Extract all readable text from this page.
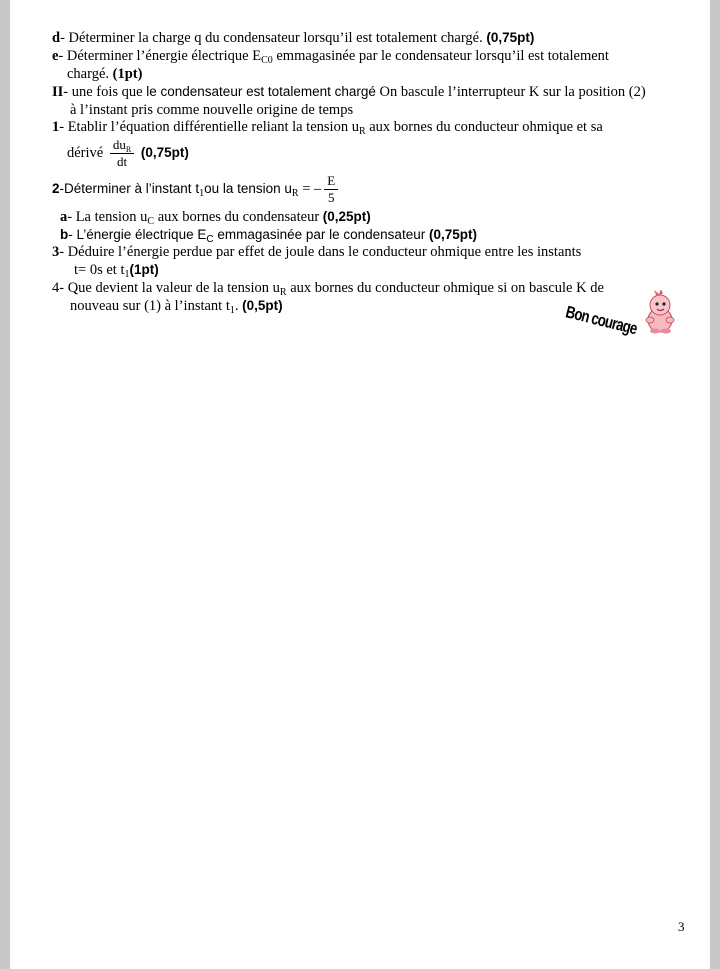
d- Déterminer la charge q du condensateur lorsqu’il est totalement chargé. (0,75pt)
e- Déterminer l’énergie électrique $E_{C0}$ emmagasinée par le condensateur lorsqu’il est totalement
chargé. (1pt)
II- une fois que le condensateur est totalement chargé On bascule l’interrupteur K sur la position (2)
à l’instant pris comme nouvelle origine de temps
1- Etablir l’équation différentielle reliant la tension $u_R$ aux bornes du conducteur ohmique et sa
dérivé $\frac{du_R}{dt} (0,75pt)$
2-Déterminer à l’instant $t_1ou$ la tension $u_R$ = – $\frac{E}{5}$
a- La tension $u_C$ aux bornes du condensateur (0,25pt)
b- L’énergie électrique $E_C$ emmagasinée par le condensateur (0,75pt)
3- Déduire l’énergie perdue par effet de joule dans le conducteur ohmique entre les instants
t= 0s et $t_1(1pt)$
4- Que devient la valeur de la tension $u_R$ aux bornes du conducteur ohmique si on bascule K de
nouveau sur (1) à l’instant $t_1$. (0,5pt)	Bon courage
3
